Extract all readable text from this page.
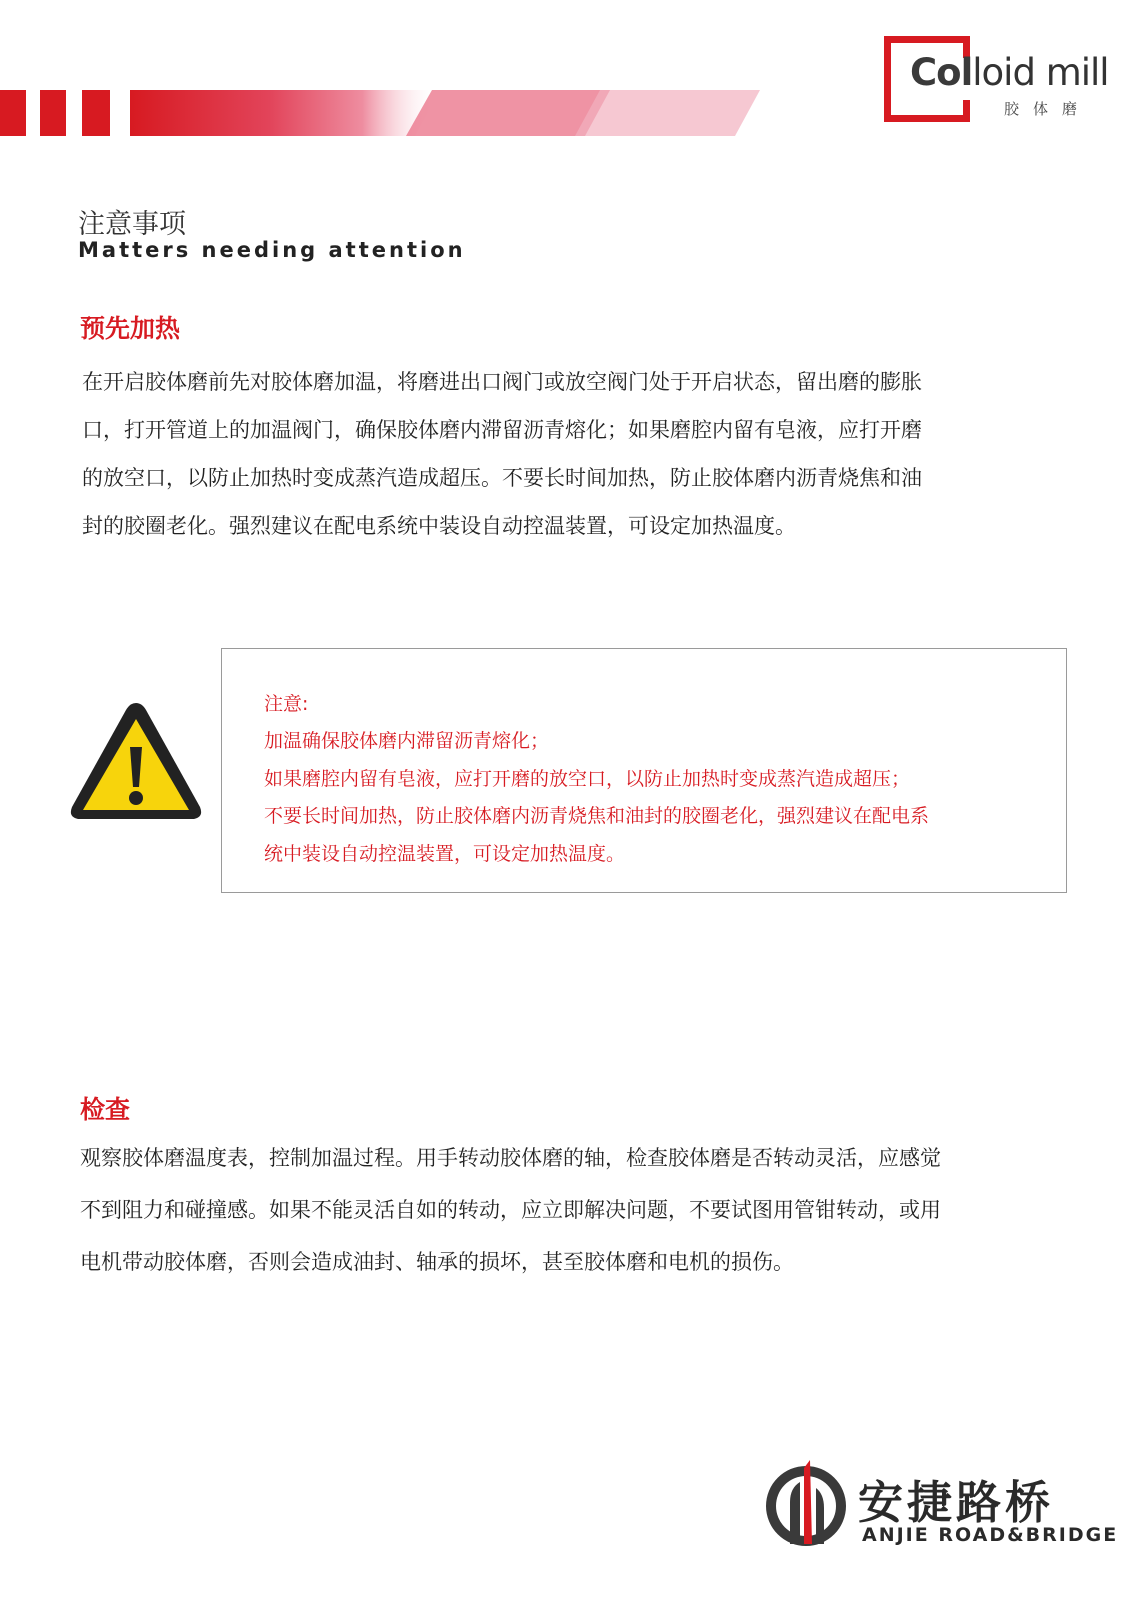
Colloid mill
胶体磨
注意事项
Matters needing attention
预先加热
在开启胶体磨前先对胶体磨加温，将磨进出口阀门或放空阀门处于开启状态，留出磨的膨胀
口，打开管道上的加温阀门，确保胶体磨内滞留沥青熔化；如果磨腔内留有皂液，应打开磨
的放空口，以防止加热时变成蒸汽造成超压。不要长时间加热，防止胶体磨内沥青烧焦和油
封的胶圈老化。强烈建议在配电系统中装设自动控温装置，可设定加热温度。
注意:
加温确保胶体磨内滞留沥青熔化；
如果磨腔内留有皂液，应打开磨的放空口，以防止加热时变成蒸汽造成超压；
不要长时间加热，防止胶体磨内沥青烧焦和油封的胶圈老化，强烈建议在配电系
统中装设自动控温装置，可设定加热温度。
检查
观察胶体磨温度表，控制加温过程。用手转动胶体磨的轴，检查胶体磨是否转动灵活，应感觉
不到阻力和碰撞感。如果不能灵活自如的转动，应立即解决问题，不要试图用管钳转动，或用
电机带动胶体磨，否则会造成油封、轴承的损坏，甚至胶体磨和电机的损伤。
安捷路桥
ANJIE ROAD&BRIDGE
